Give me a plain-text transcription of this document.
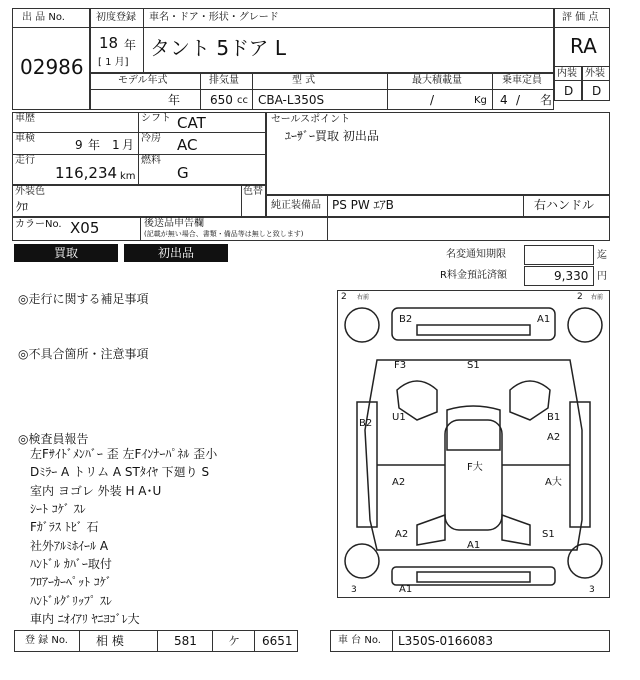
出 品 No.
02986
初度登録
18 年
[ 1 月]
車名・ドア・形状・グレード
タント 5ドア L
評 価 点
RA
内装 外装
D D
モデル年式	排気量	型 式	最大積載量	乗車定員
年 650 cc CBA-L350S	/	Kg 4 / 名
車歴
車検	9 年 1 月
走行
116,234 km
シフト CAT
冷房 AC
燃料
G
セールスポイント
ﾕｰｻﾞｰ買取 初出品
外装色
ｸﾛ
色替
純正装備品 PS PW ｴｱB	右ハンドル
カラーNo. X05	後送品申告欄
(記載が無い場合、書類・備品等は無しと致します)
買取	初出品	名変通知期限	迄
R料金預託済額	9,330 円
◎走行に関する補足事項
◎不具合箇所・注意事項
◎検査員報告
左Fｻｲﾄﾞﾒﾝﾊﾞｰ 歪 左Fｲﾝﾅｰﾊﾟﾈﾙ 歪小
Dﾐﾗｰ A トリム A STﾀｲﾔ 下廻り S
室内 ヨゴレ 外装 H A･U
ｼｰﾄ ｺｹﾞ ｽﾚ
Fｶﾞﾗｽ ﾄﾋﾞ 石
社外ｱﾙﾐﾎｲｰﾙ A
ﾊﾝﾄﾞﾙ ｶﾊﾞｰ取付
ﾌﾛｱｰｶｰﾍﾟｯﾄ ｺｹﾞ
ﾊﾝﾄﾞﾙｸﾞﾘｯﾌﾟ ｽﾚ
車内 ﾆｵｲｱﾘ ﾔﾆﾖｺﾞﾚ大
2 右前	2 右前
3	3
B2	A1
F3	S1
B2
U1	B1
A2
F大
A2	A大
A2	S1
A1
A1
登 録 No. 相 模	581	ケ 6651	車 台 No. L350S-0166083
